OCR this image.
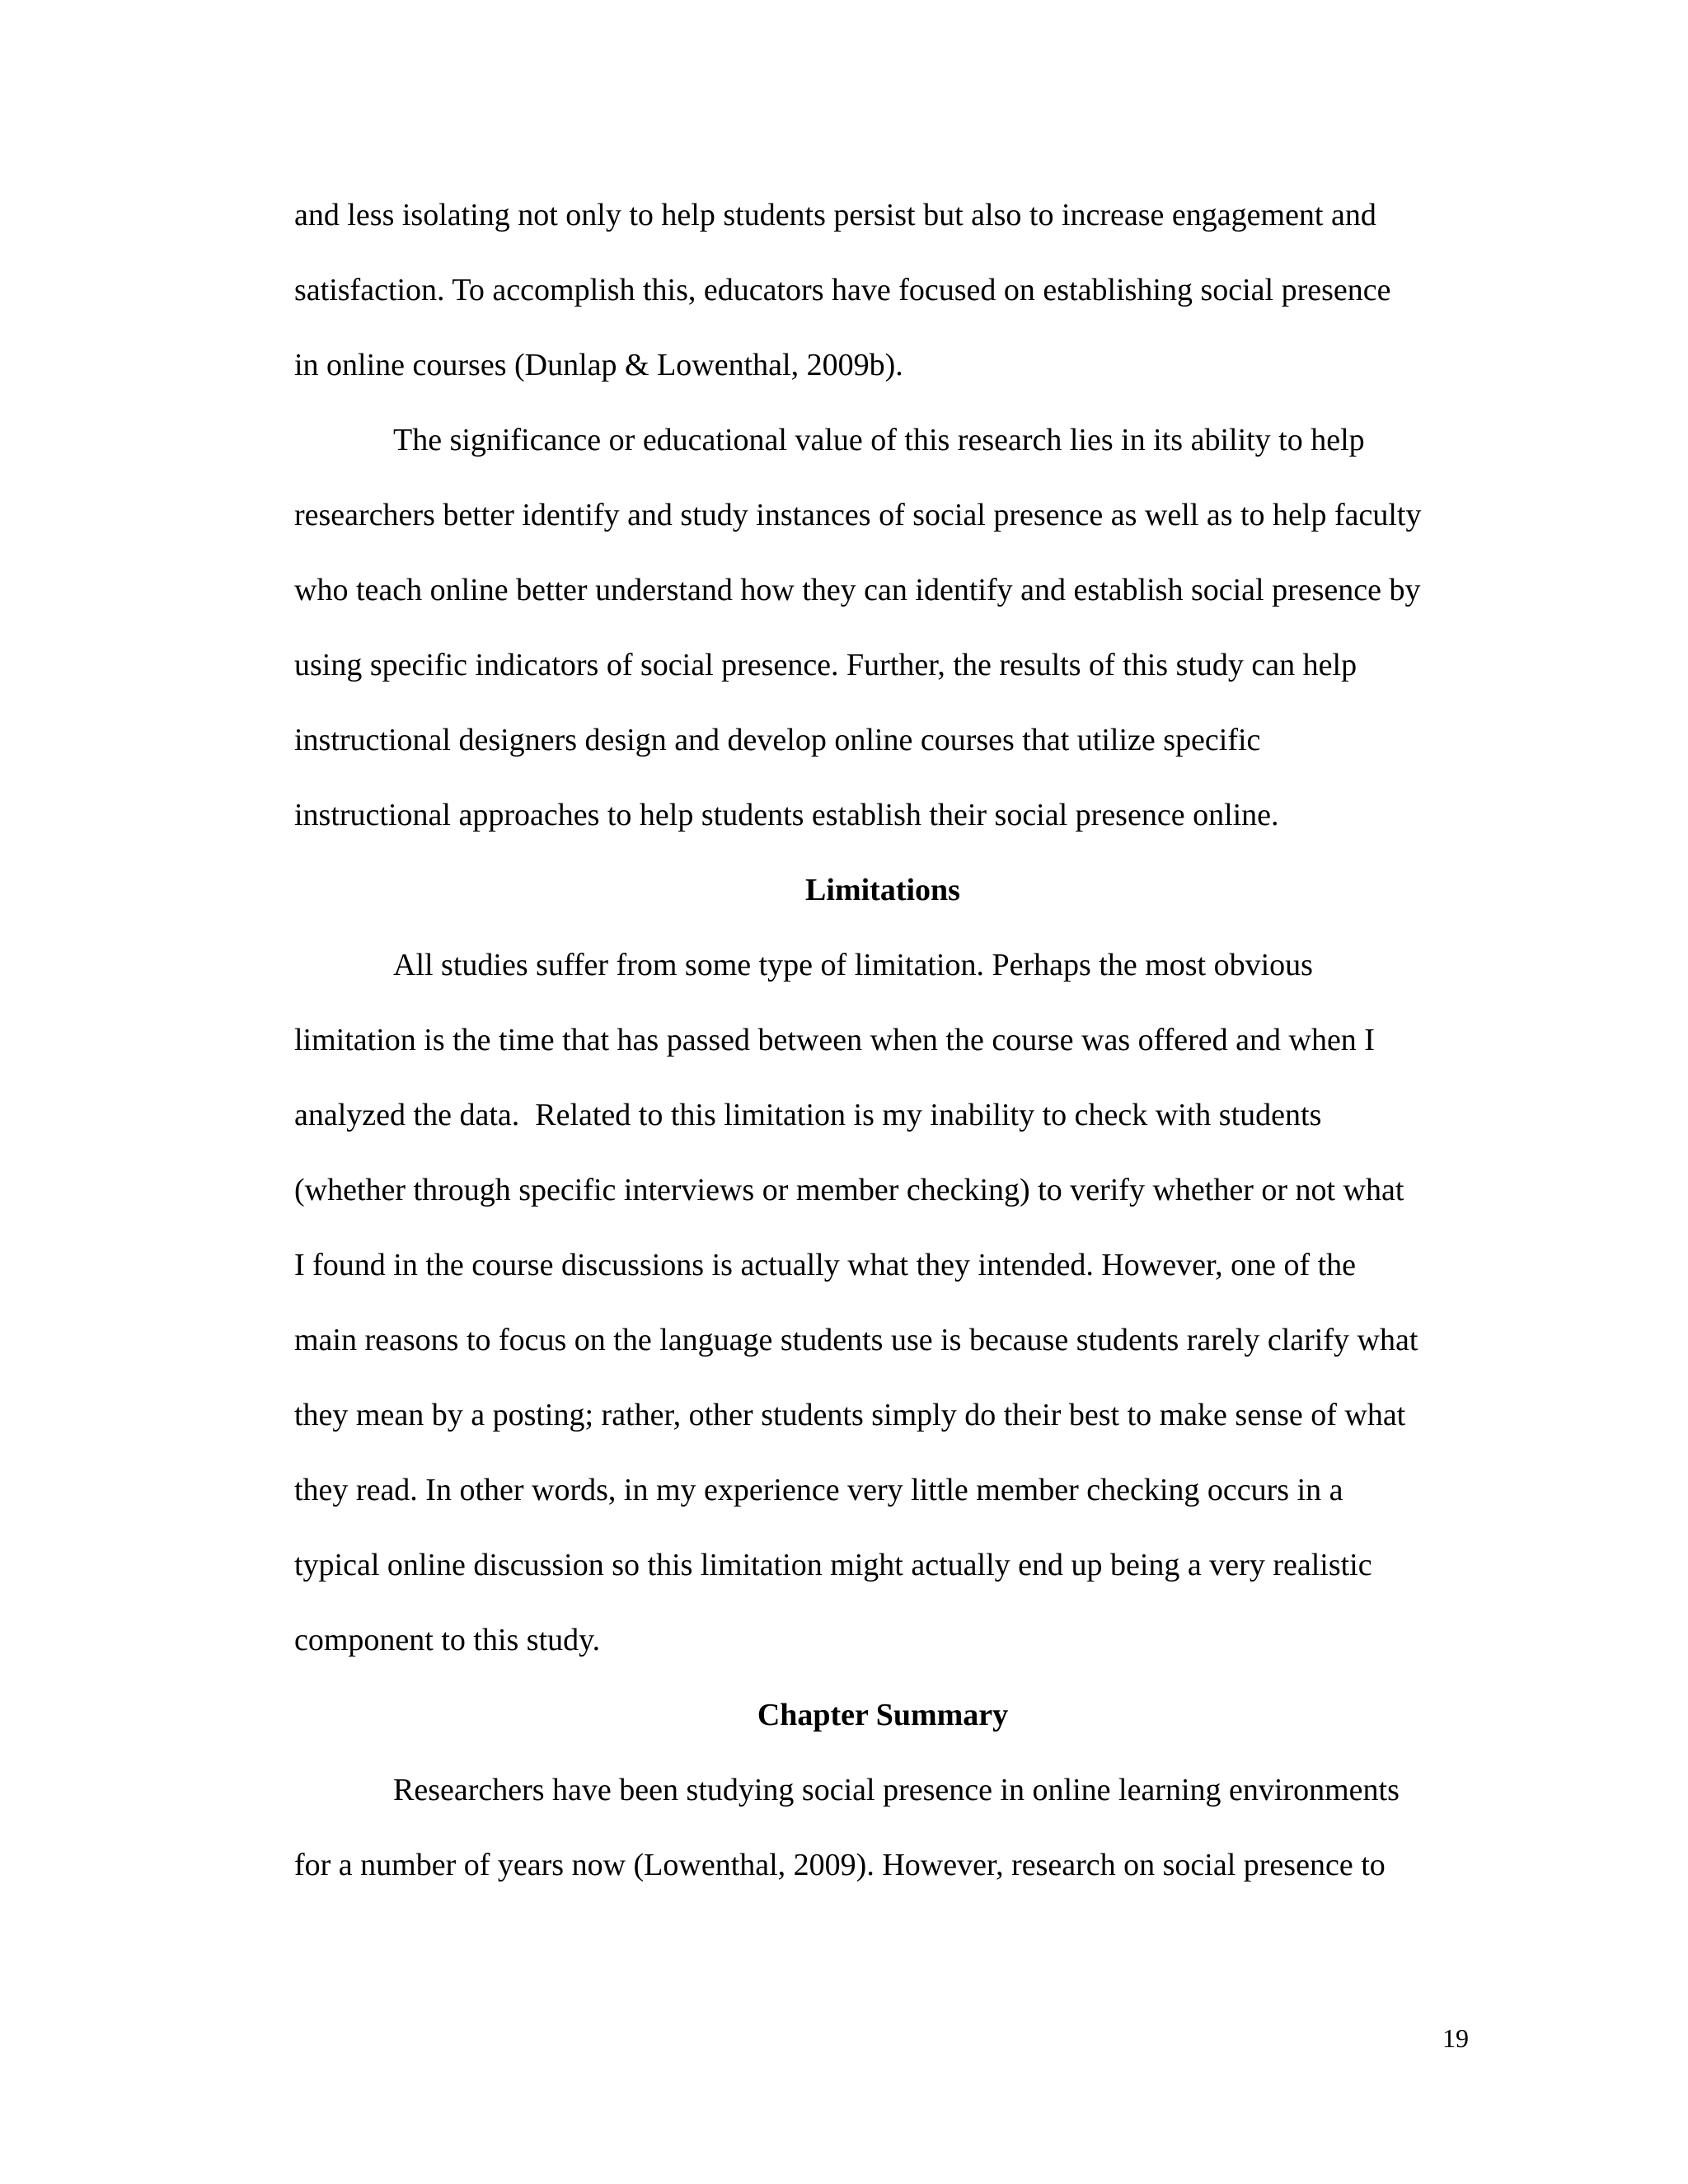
and less isolating not only to help students persist but also to increase engagement and

satisfaction. To accomplish this, educators have focused on establishing social presence

in online courses (Dunlap & Lowenthal, 2009b).

The significance or educational value of this research lies in its ability to help

researchers better identify and study instances of social presence as well as to help faculty

who teach online better understand how they can identify and establish social presence by

using specific indicators of social presence. Further, the results of this study can help

instructional designers design and develop online courses that utilize specific

instructional approaches to help students establish their social presence online.

Limitations

All studies suffer from some type of limitation. Perhaps the most obvious

limitation is the time that has passed between when the course was offered and when I

analyzed the data.  Related to this limitation is my inability to check with students

(whether through specific interviews or member checking) to verify whether or not what

I found in the course discussions is actually what they intended. However, one of the

main reasons to focus on the language students use is because students rarely clarify what

they mean by a posting; rather, other students simply do their best to make sense of what

they read. In other words, in my experience very little member checking occurs in a

typical online discussion so this limitation might actually end up being a very realistic

component to this study.

Chapter Summary

Researchers have been studying social presence in online learning environments

for a number of years now (Lowenthal, 2009). However, research on social presence to

19
